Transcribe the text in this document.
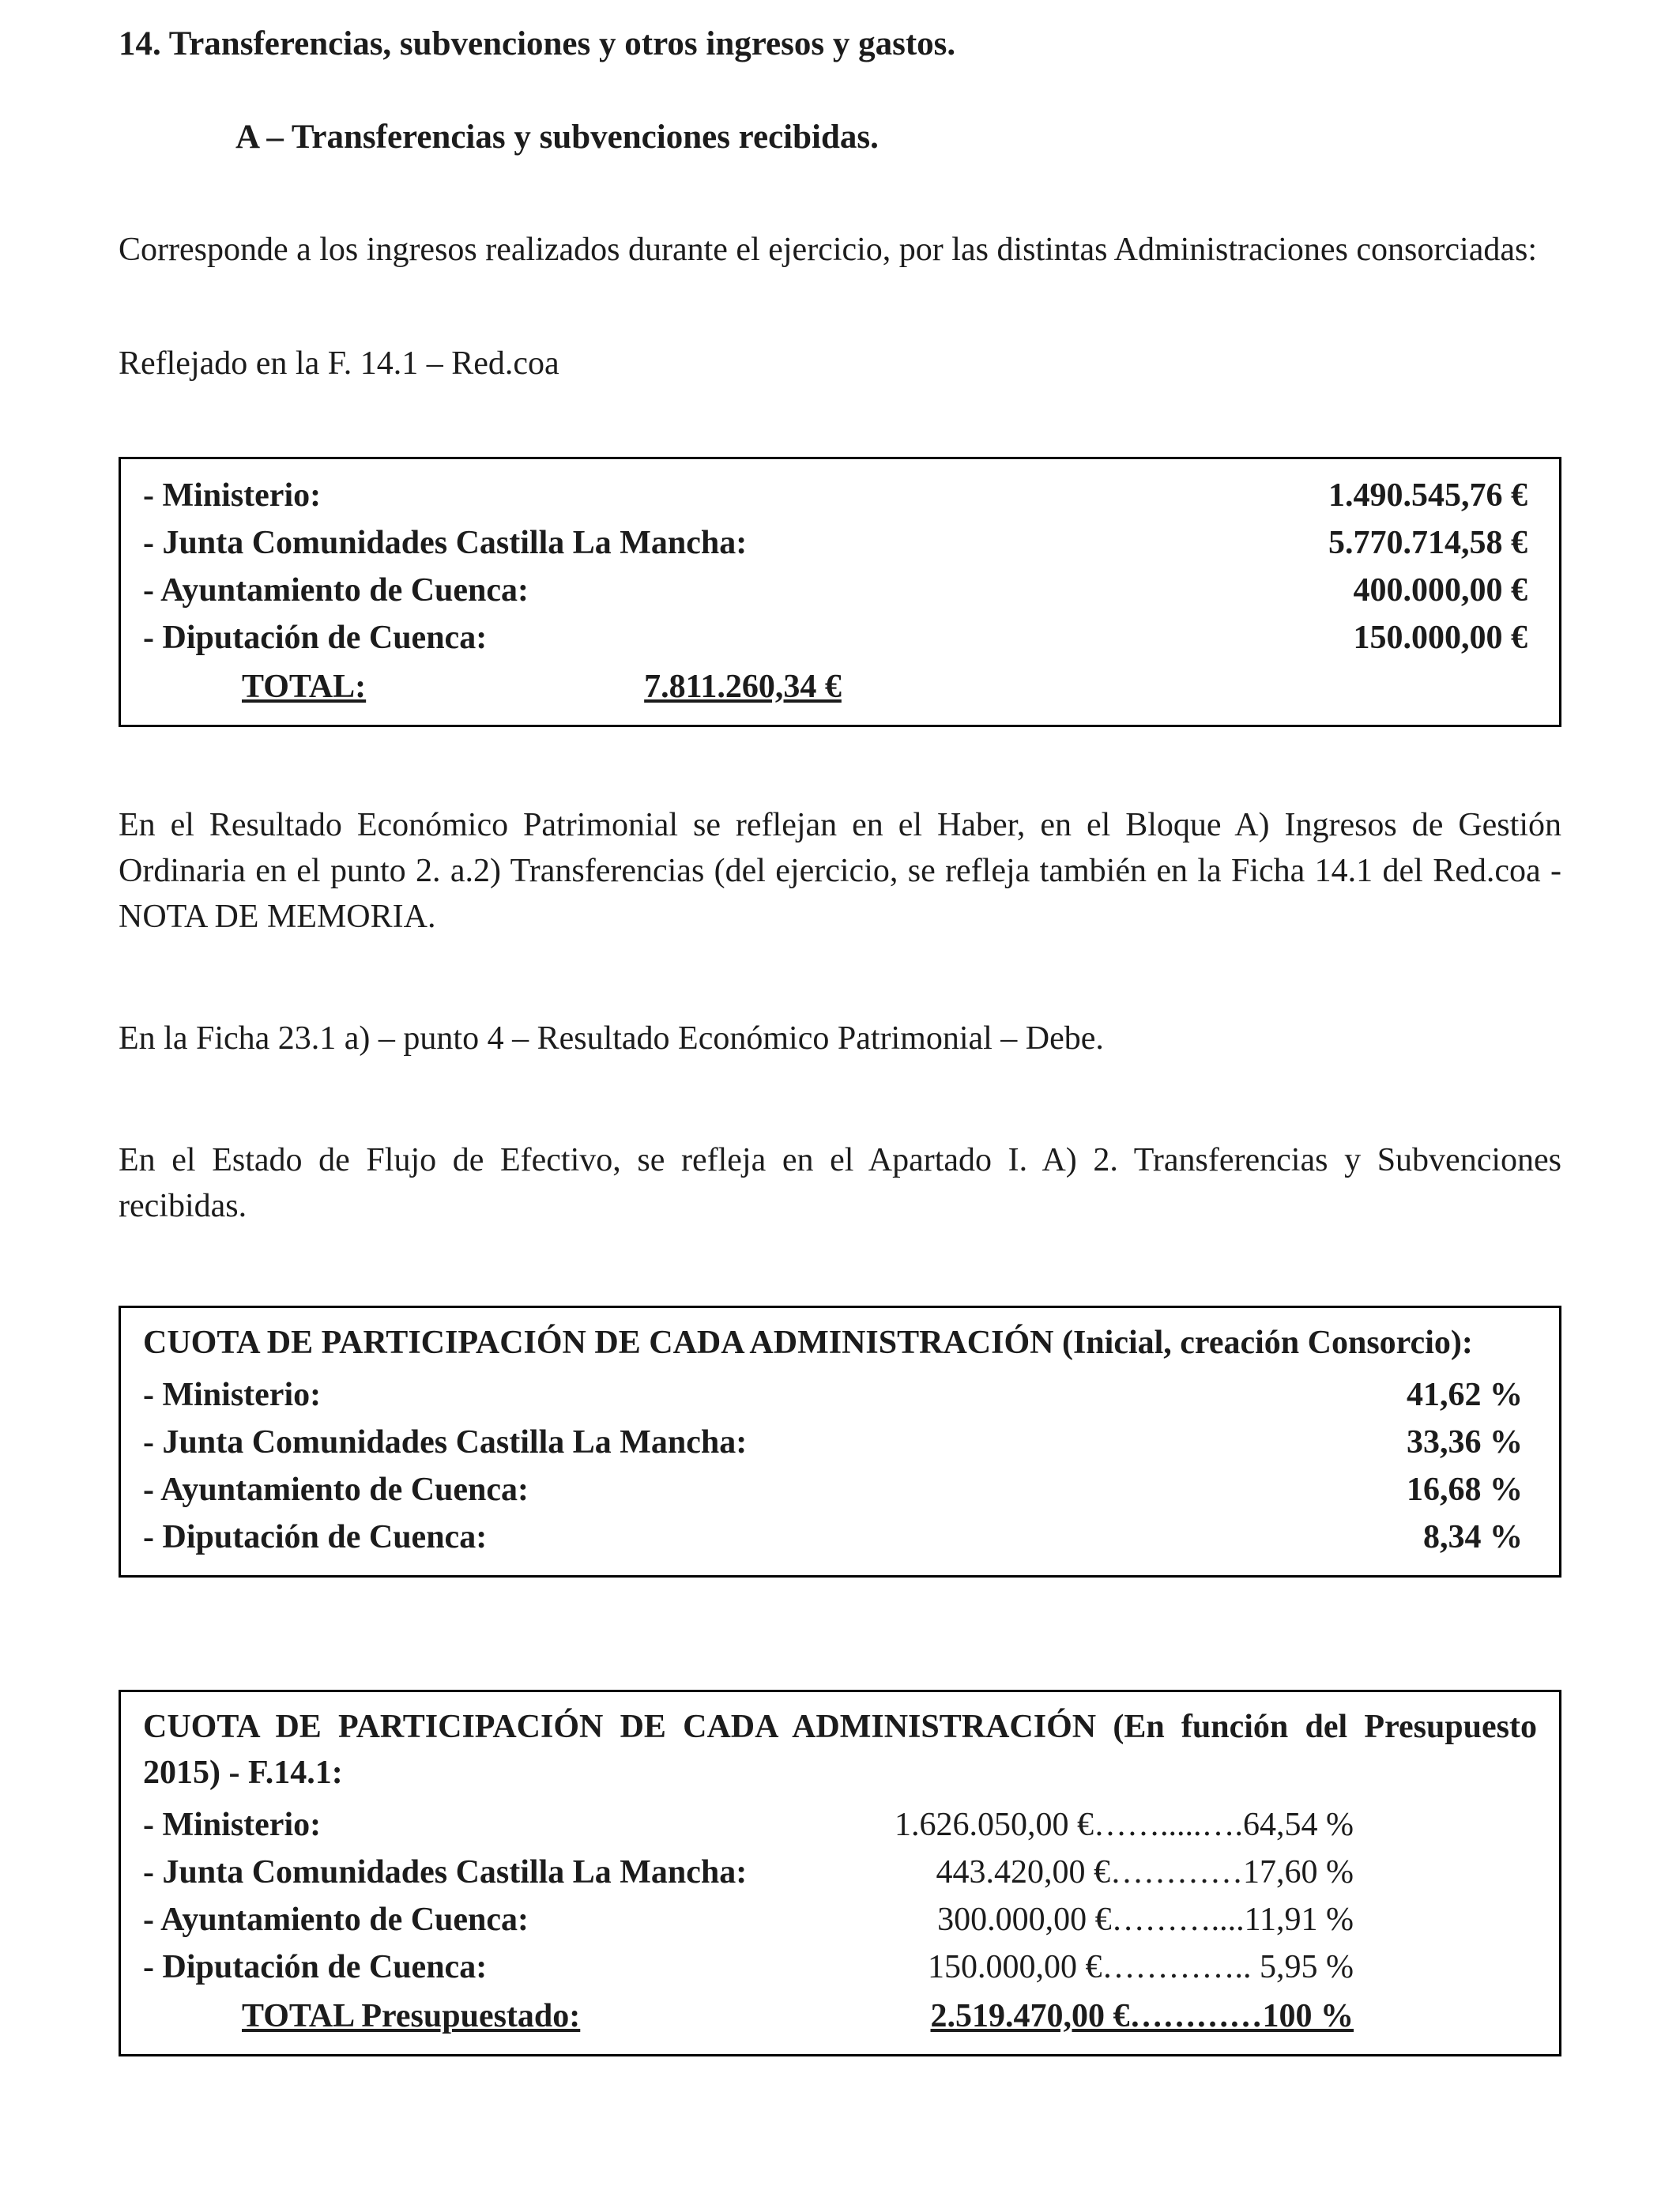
14. Transferencias, subvenciones y otros ingresos y gastos.
A – Transferencias y subvenciones recibidas.

Corresponde a los ingresos realizados durante el ejercicio, por las distintas Administraciones consorciadas:

Reflejado en la F. 14.1 – Red.coa

- Ministerio:	1.490.545,76 €
- Junta Comunidades Castilla La Mancha:	5.770.714,58 €
- Ayuntamiento de Cuenca:	400.000,00 €
- Diputación de Cuenca:	150.000,00 €
TOTAL:	7.811.260,34 €

En el Resultado Económico Patrimonial se reflejan en el Haber, en el Bloque A) Ingresos de Gestión Ordinaria en el punto 2. a.2) Transferencias (del ejercicio, se refleja también en la Ficha 14.1 del Red.coa - NOTA DE MEMORIA.

En la Ficha 23.1 a) – punto 4 – Resultado Económico Patrimonial – Debe.

En el Estado de Flujo de Efectivo, se refleja en el Apartado I. A) 2. Transferencias y Subvenciones recibidas.

CUOTA DE PARTICIPACIÓN DE CADA ADMINISTRACIÓN (Inicial, creación Consorcio):
- Ministerio:	41,62 %
- Junta Comunidades Castilla La Mancha:	33,36 %
- Ayuntamiento de Cuenca:	16,68 %
- Diputación de Cuenca:	8,34 %
CUOTA DE PARTICIPACIÓN DE CADA ADMINISTRACIÓN (En función del Presupuesto 2015) - F.14.1:
- Ministerio:	1.626.050,00 €…….....….64,54 %
- Junta Comunidades Castilla La Mancha:	443.420,00 €…………17,60 %
- Ayuntamiento de Cuenca:	300.000,00 €………....11,91 %
- Diputación de Cuenca:	150.000,00 €………….. 5,95 %
TOTAL Presupuestado:	2.519.470,00 €…………100 %
